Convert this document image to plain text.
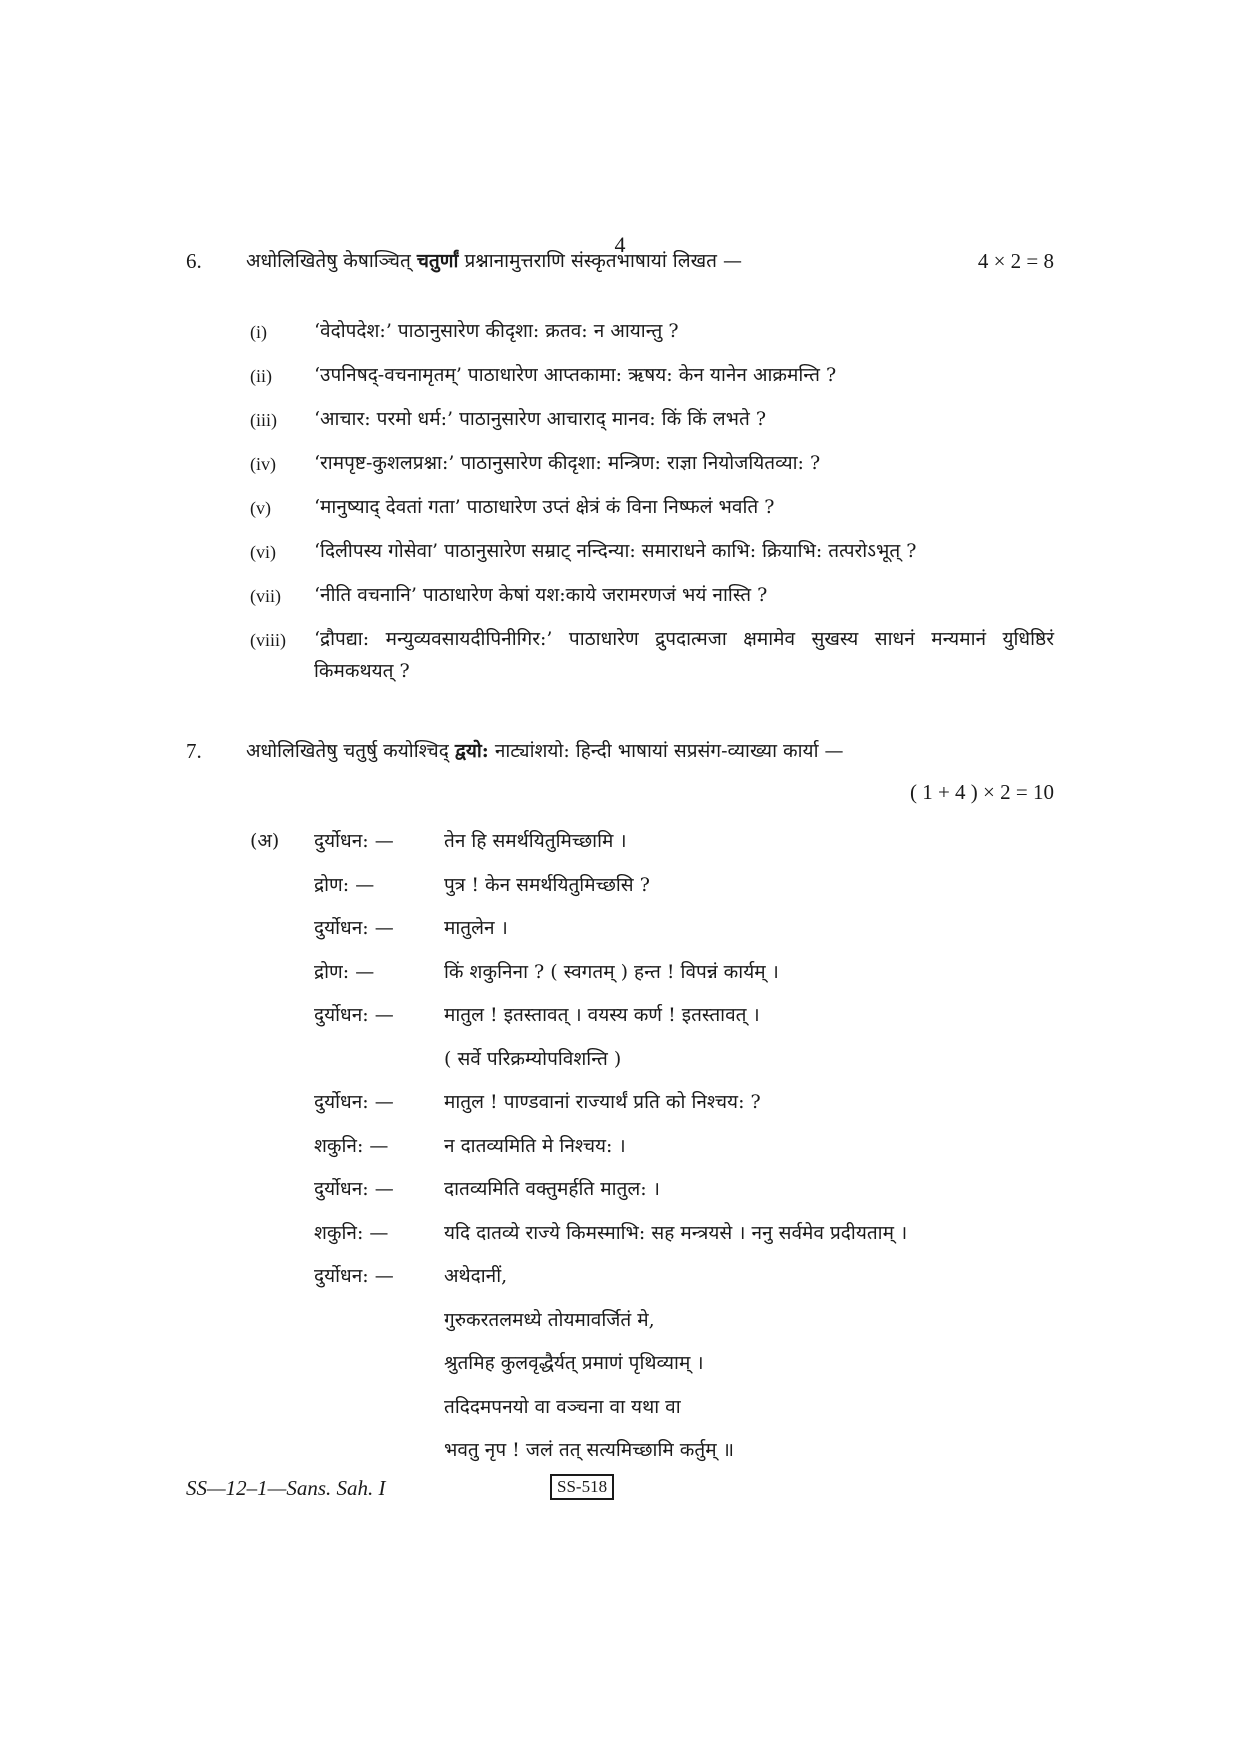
4
6. अधोलिखितेषु केषाञ्चित् चतुर्णां प्रश्नानामुत्तराणि संस्कृतभाषायां लिखत —	4 × 2 = 8
(i)	‘वेदोपदेश:’ पाठानुसारेण कीदृशा: क्रतव: न आयान्तु ?
(ii)	‘उपनिषद्-वचनामृतम्’ पाठाधारेण आप्तकामा: ऋषय: केन यानेन आक्रमन्ति ?
(iii)	‘आचार: परमो धर्म:’ पाठानुसारेण आचाराद् मानव: किं किं लभते ?
(iv)	‘रामपृष्ट-कुशलप्रश्ना:’ पाठानुसारेण कीदृशा: मन्त्रिण: राज्ञा नियोजयितव्या: ?
(v)	‘मानुष्याद् देवतां गता’ पाठाधारेण उप्तं क्षेत्रं कं विना निष्फलं भवति ?
(vi)	‘दिलीपस्य गोसेवा’ पाठानुसारेण सम्राट् नन्दिन्या: समाराधने काभि: क्रियाभि: तत्परोऽभूत् ?
(vii)	‘नीति वचनानि’ पाठाधारेण केषां यश:काये जरामरणजं भयं नास्ति ?
(viii)	‘द्रौपद्या: मन्युव्यवसायदीपिनीगिर:’ पाठाधारेण द्रुपदात्मजा क्षमामेव सुखस्य साधनं मन्यमानं युधिष्ठिरं किमकथयत् ?
7. अधोलिखितेषु चतुर्षु कयोश्चिद् द्वयो: नाट्यांशयो: हिन्दी भाषायां सप्रसंग-व्याख्या कार्या —
( 1 + 4 ) × 2 = 10
(अ) दुर्योधन: —	तेन हि समर्थयितुमिच्छामि ।
द्रोण: —	पुत्र ! केन समर्थयितुमिच्छसि ?
दुर्योधन: —	मातुलेन ।
द्रोण: —	किं शकुनिना ? ( स्वगतम् ) हन्त ! विपन्नं कार्यम् ।
दुर्योधन: —	मातुल ! इतस्तावत् । वयस्य कर्ण ! इतस्तावत् ।
( सर्वे परिक्रम्योपविशन्ति )
दुर्योधन: —	मातुल ! पाण्डवानां राज्यार्थं प्रति को निश्चय: ?
शकुनि: —	न दातव्यमिति मे निश्चय: ।
दुर्योधन: —	दातव्यमिति वक्तुमर्हति मातुल: ।
शकुनि: —	यदि दातव्ये राज्ये किमस्माभि: सह मन्त्रयसे । ननु सर्वमेव प्रदीयताम् ।
दुर्योधन: —	अथेदानीं,
गुरुकरतलमध्ये तोयमावर्जितं मे,
श्रुतमिह कुलवृद्धैर्यत् प्रमाणं पृथिव्याम् ।
तदिदमपनयो वा वञ्चना वा यथा वा
भवतु नृप ! जलं तत् सत्यमिच्छामि कर्तुम् ॥
SS—12–1—Sans. Sah. I	SS-518
